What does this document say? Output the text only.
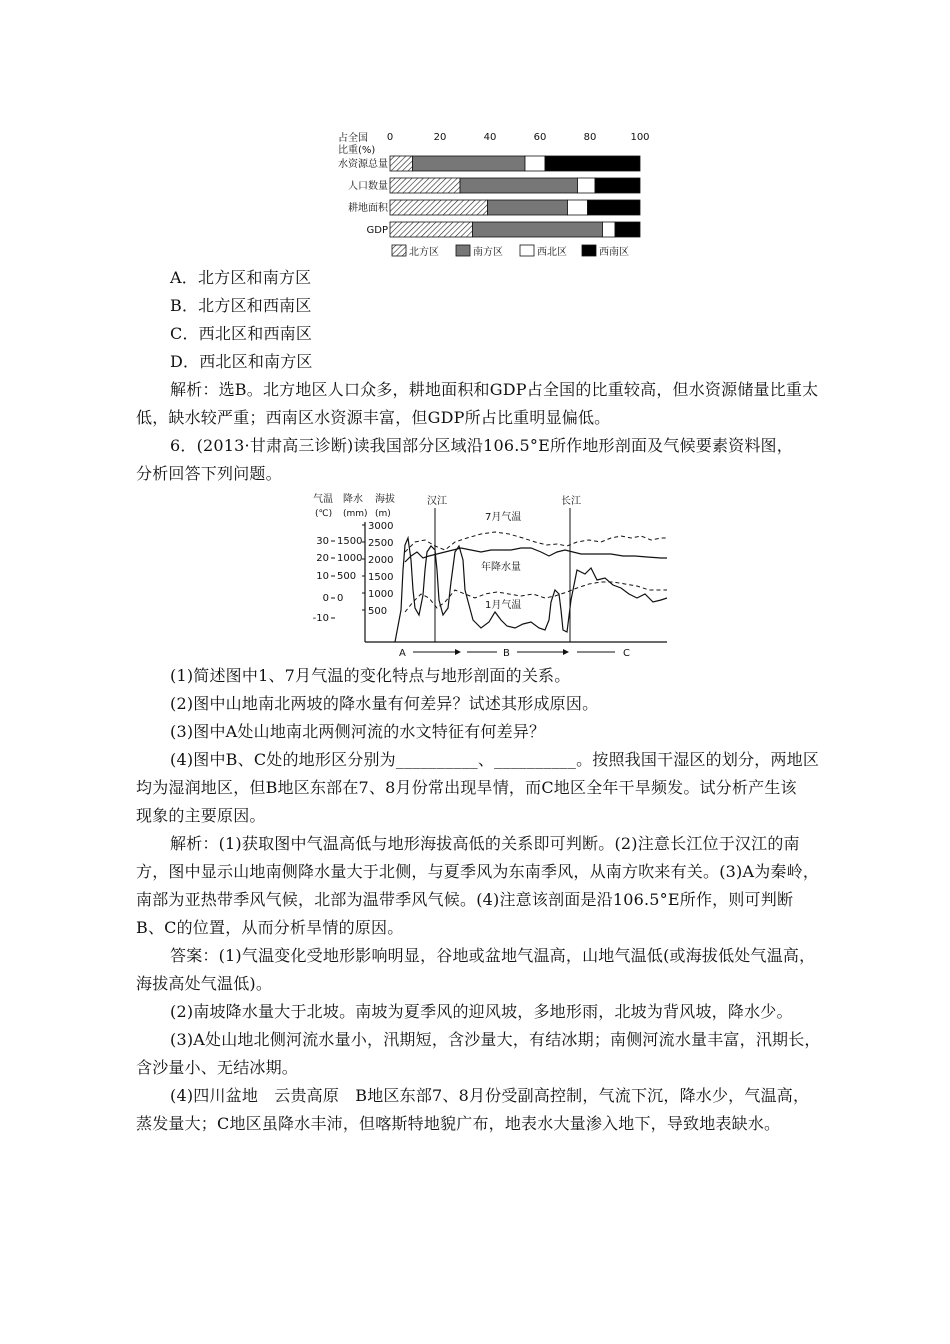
占全国
比重(%)
0	20	40	60	80	100
水资源总量
人口数量
耕地面积
GDP
北方区	南方区	西北区	西南区
A．北方区和南方区
B．北方区和西南区
C．西北区和西南区
D．西北区和南方区
解析：选B。北方地区人口众多，耕地面积和GDP占全国的比重较高，但水资源储量比重太
低，缺水较严重；西南区水资源丰富，但GDP所占比重明显偏低。
6．(2013·甘肃高三诊断)读我国部分区域沿106.5°E所作地形剖面及气候要素资料图，
分析回答下列问题。
气温
(℃)
降水
(mm)
海拔
(m)
30
20
10
0
-10
1500
1000
500
0
3000
2500
2000
1500
1000
500
汉江	长江
7月气温
年降水量
1月气温
A	B	C
(1)简述图中1、7月气温的变化特点与地形剖面的关系。
(2)图中山地南北两坡的降水量有何差异？试述其形成原因。
(3)图中A处山地南北两侧河流的水文特征有何差异？
(4)图中B、C处的地形区分别为__________、__________。按照我国干湿区的划分，两地区
均为湿润地区，但B地区东部在7、8月份常出现旱情，而C地区全年干旱频发。试分析产生该
现象的主要原因。
解析：(1)获取图中气温高低与地形海拔高低的关系即可判断。(2)注意长江位于汉江的南
方，图中显示山地南侧降水量大于北侧，与夏季风为东南季风，从南方吹来有关。(3)A为秦岭，
南部为亚热带季风气候，北部为温带季风气候。(4)注意该剖面是沿106.5°E所作，则可判断
B、C的位置，从而分析旱情的原因。
答案：(1)气温变化受地形影响明显，谷地或盆地气温高，山地气温低(或海拔低处气温高，
海拔高处气温低)。
(2)南坡降水量大于北坡。南坡为夏季风的迎风坡，多地形雨，北坡为背风坡，降水少。
(3)A处山地北侧河流水量小，汛期短，含沙量大，有结冰期；南侧河流水量丰富，汛期长，
含沙量小、无结冰期。
(4)四川盆地　云贵高原　B地区东部7、8月份受副高控制，气流下沉，降水少，气温高，
蒸发量大；C地区虽降水丰沛，但喀斯特地貌广布，地表水大量渗入地下，导致地表缺水。
